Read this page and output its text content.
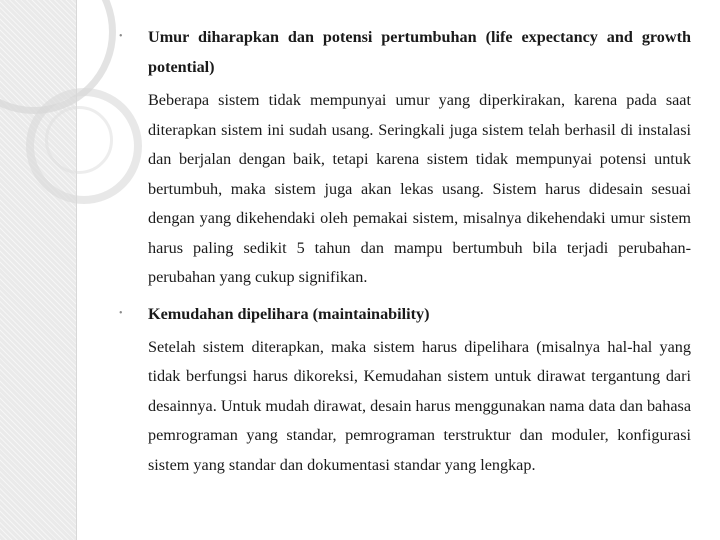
• Umur diharapkan dan potensi pertumbuhan (life expectancy and growth potential)
Beberapa sistem tidak mempunyai umur yang diperkirakan, karena pada saat diterapkan sistem ini sudah usang. Seringkali juga sistem telah berhasil di instalasi dan berjalan dengan baik, tetapi karena sistem tidak mempunyai potensi untuk bertumbuh, maka sistem juga akan lekas usang. Sistem harus didesain sesuai dengan yang dikehendaki oleh pemakai sistem, misalnya dikehendaki umur sistem harus paling sedikit 5 tahun dan mampu bertumbuh bila terjadi perubahan-perubahan yang cukup signifikan.
• Kemudahan dipelihara (maintainability)
Setelah sistem diterapkan, maka sistem harus dipelihara (misalnya hal-hal yang tidak berfungsi harus dikoreksi, Kemudahan sistem untuk dirawat tergantung dari desainnya. Untuk mudah dirawat, desain harus menggunakan nama data dan bahasa pemrograman yang standar, pemrograman terstruktur dan moduler, konfigurasi sistem yang standar dan dokumentasi standar yang lengkap.
